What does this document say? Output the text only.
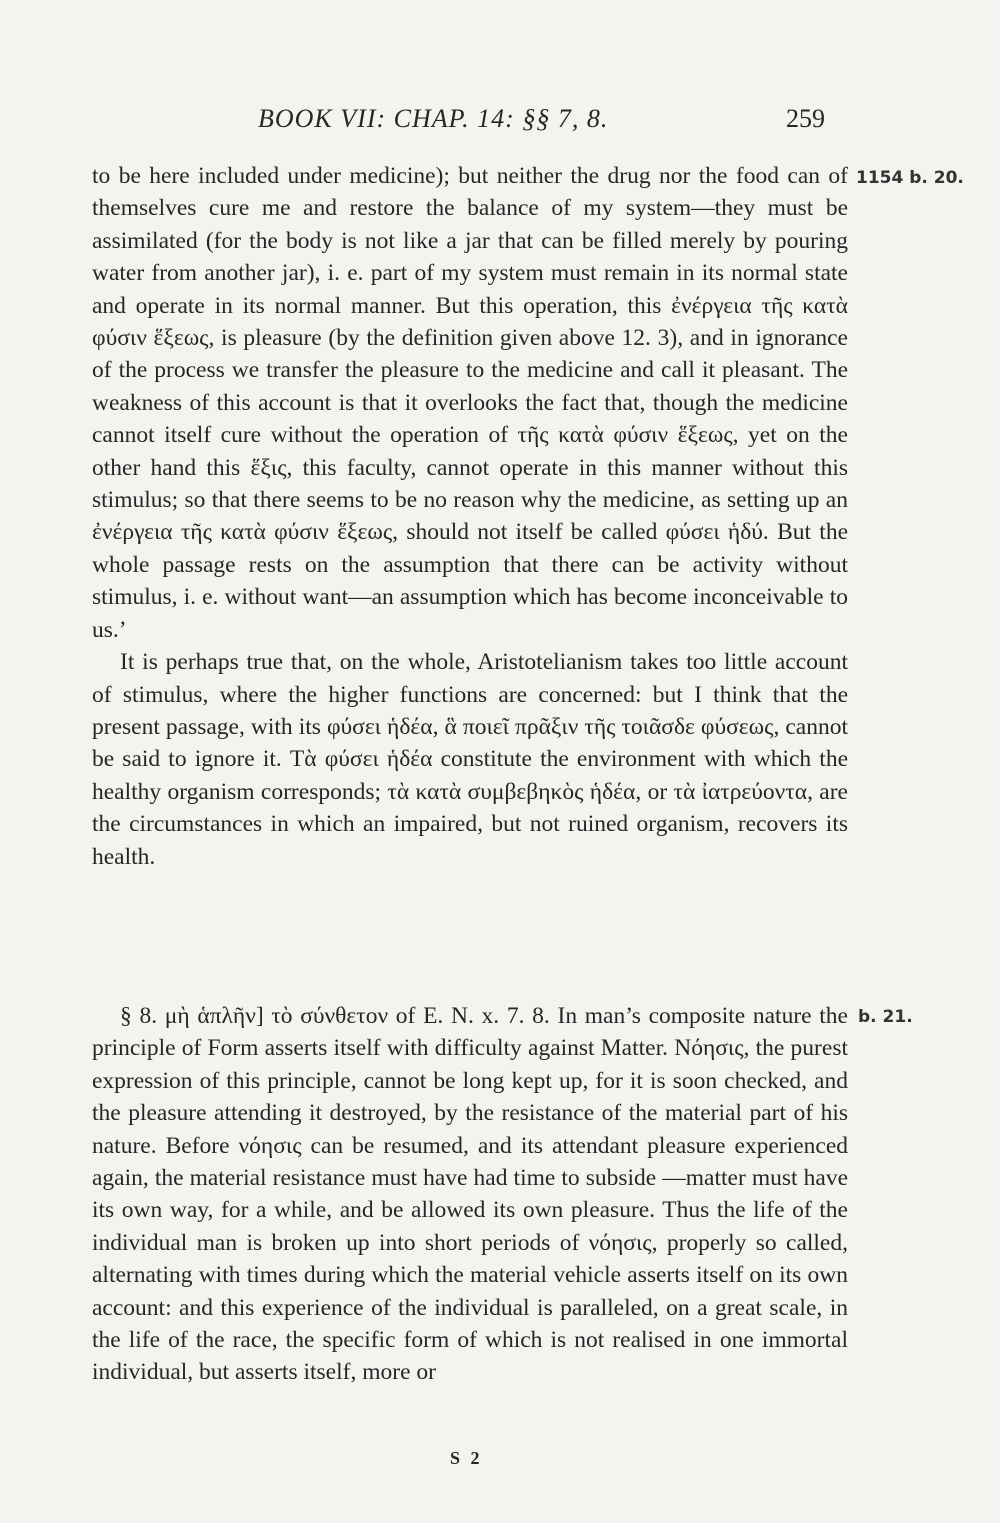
BOOK VII: CHAP. 14: §§ 7, 8.	259
1154 b. 20.

to be here included under medicine); but neither the drug nor the food can of themselves cure me and restore the balance of my system—they must be assimilated (for the body is not like a jar that can be filled merely by pouring water from another jar), i. e. part of my system must remain in its normal state and operate in its normal manner. But this operation, this ἐνέργεια τῆς κατὰ φύσιν ἕξεως, is pleasure (by the definition given above 12. 3), and in ignorance of the process we transfer the pleasure to the medicine and call it pleasant. The weakness of this account is that it overlooks the fact that, though the medicine cannot itself cure without the operation of τῆς κατὰ φύσιν ἕξεως, yet on the other hand this ἕξις, this faculty, cannot operate in this manner without this stimulus; so that there seems to be no reason why the medicine, as setting up an ἐνέργεια τῆς κατὰ φύσιν ἕξεως, should not itself be called φύσει ἡδύ. But the whole passage rests on the assumption that there can be activity without stimulus, i. e. without want—an assumption which has become inconceivable to us.’

It is perhaps true that, on the whole, Aristotelianism takes too little account of stimulus, where the higher functions are concerned: but I think that the present passage, with its φύσει ἡδέα, ἃ ποιεῖ πρᾶξιν τῆς τοιᾶσδε φύσεως, cannot be said to ignore it. Τὰ φύσει ἡδέα constitute the environment with which the healthy organism corresponds; τὰ κατὰ συμβεβηκὸς ἡδέα, or τὰ ἰατρεύοντα, are the circumstances in which an impaired, but not ruined organism, recovers its health.

b. 21.

§ 8. μὴ ἁπλῆν] τὸ σύνθετον of E. N. x. 7. 8. In man’s composite nature the principle of Form asserts itself with difficulty against Matter. Νόησις, the purest expression of this principle, cannot be long kept up, for it is soon checked, and the pleasure attending it destroyed, by the resistance of the material part of his nature. Before νόησις can be resumed, and its attendant pleasure experienced again, the material resistance must have had time to subside —matter must have its own way, for a while, and be allowed its own pleasure. Thus the life of the individual man is broken up into short periods of νόησις, properly so called, alternating with times during which the material vehicle asserts itself on its own account: and this experience of the individual is paralleled, on a great scale, in the life of the race, the specific form of which is not realised in one immortal individual, but asserts itself, more or

S 2
